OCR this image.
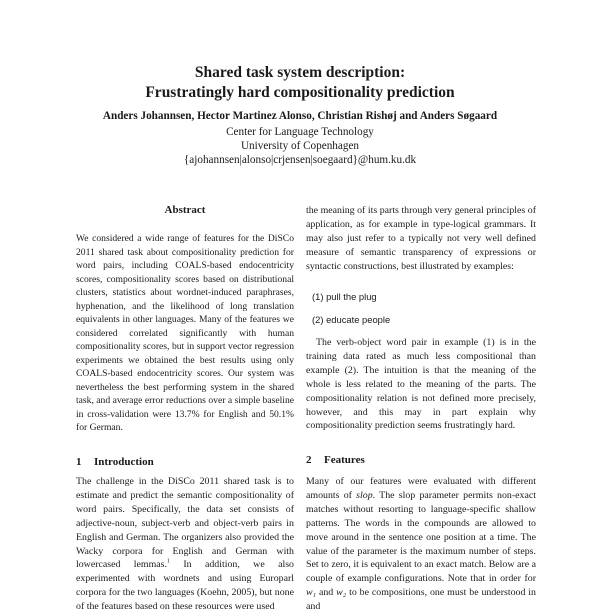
Shared task system description:
Frustratingly hard compositionality prediction
Anders Johannsen, Hector Martinez Alonso, Christian Rishøj and Anders Søgaard
Center for Language Technology
University of Copenhagen
{ajohannsen|alonso|crjensen|soegaard}@hum.ku.dk
Abstract

We considered a wide range of features for the DiSCo 2011 shared task about compositionality prediction for word pairs, including COALS-based endocentricity scores, compositionality scores based on distributional clusters, statistics about wordnet-induced paraphrases, hyphenation, and the likelihood of long translation equivalents in other languages. Many of the features we considered correlated significantly with human compositionality scores, but in support vector regression experiments we obtained the best results using only COALS-based endocentricity scores. Our system was nevertheless the best performing system in the shared task, and average error reductions over a simple baseline in cross-validation were 13.7% for English and 50.1% for German.

1 Introduction

The challenge in the DiSCo 2011 shared task is to estimate and predict the semantic compositionality of word pairs. Specifically, the data set consists of adjective-noun, subject-verb and object-verb pairs in English and German. The organizers also provided the Wacky corpora for English and German with lowercased lemmas.$^1$ In addition, we also experimented with wordnets and using Europarl corpora for the two languages (Koehn, 2005), but none of the features based on these resources were used

the meaning of its parts through very general principles of application, as for example in type-logical grammars. It may also just refer to a typically not very well defined measure of semantic transparency of expressions or syntactic constructions, best illustrated by examples:

(1) pull the plug
(2) educate people

The verb-object word pair in example (1) is in the training data rated as much less compositional than example (2). The intuition is that the meaning of the whole is less related to the meaning of the parts. The compositionality relation is not defined more precisely, however, and this may in part explain why compositionality prediction seems frustratingly hard.

2 Features

Many of our features were evaluated with different amounts of slop. The slop parameter permits non-exact matches without resorting to language-specific shallow patterns. The words in the compounds are allowed to move around in the sentence one position at a time. The value of the parameter is the maximum number of steps. Set to zero, it is equivalent to an exact match. Below are a couple of example configurations. Note that in order for w₁ and w₂ to be compositions, one must be understood in and
